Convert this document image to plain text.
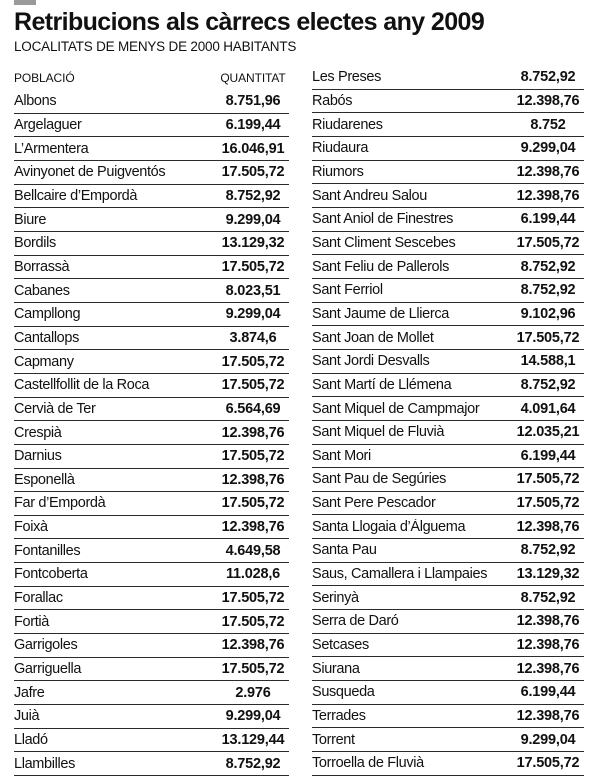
Retribucions als càrrecs electes any 2009
LOCALITATS DE MENYS DE 2000 HABITANTS
POBLACIÓ	QUANTITAT
Albons	8.751,96
Argelaguer	6.199,44
L’Armentera	16.046,91
Avinyonet de Puigventós	17.505,72
Bellcaire d’Empordà	8.752,92
Biure	9.299,04
Bordils	13.129,32
Borrassà	17.505,72
Cabanes	8.023,51
Campllong	9.299,04
Cantallops	3.874,6
Capmany	17.505,72
Castellfollit de la Roca	17.505,72
Cervià de Ter	6.564,69
Crespià	12.398,76
Darnius	17.505,72
Esponellà	12.398,76
Far d’Empordà	17.505,72
Foixà	12.398,76
Fontanilles	4.649,58
Fontcoberta	11.028,6
Forallac	17.505,72
Fortià	17.505,72
Garrigoles	12.398,76
Garriguella	17.505,72
Jafre	2.976
Juià	9.299,04
Lladó	13.129,44
Llambilles	8.752,92
Les Preses	8.752,92
Rabós	12.398,76
Riudarenes	8.752
Riudaura	9.299,04
Riumors	12.398,76
Sant Andreu Salou	12.398,76
Sant Aniol de Finestres	6.199,44
Sant Climent Sescebes	17.505,72
Sant Feliu de Pallerols	8.752,92
Sant Ferriol	8.752,92
Sant Jaume de Llierca	9.102,96
Sant Joan de Mollet	17.505,72
Sant Jordi Desvalls	14.588,1
Sant Martí de Llémena	8.752,92
Sant Miquel de Campmajor	4.091,64
Sant Miquel de Fluvià	12.035,21
Sant Mori	6.199,44
Sant Pau de Segúries	17.505,72
Sant Pere Pescador	17.505,72
Santa Llogaia d’Àlguema	12.398,76
Santa Pau	8.752,92
Saus, Camallera i Llampaies	13.129,32
Serinyà	8.752,92
Serra de Daró	12.398,76
Setcases	12.398,76
Siurana	12.398,76
Susqueda	6.199,44
Terrades	12.398,76
Torrent	9.299,04
Torroella de Fluvià	17.505,72
